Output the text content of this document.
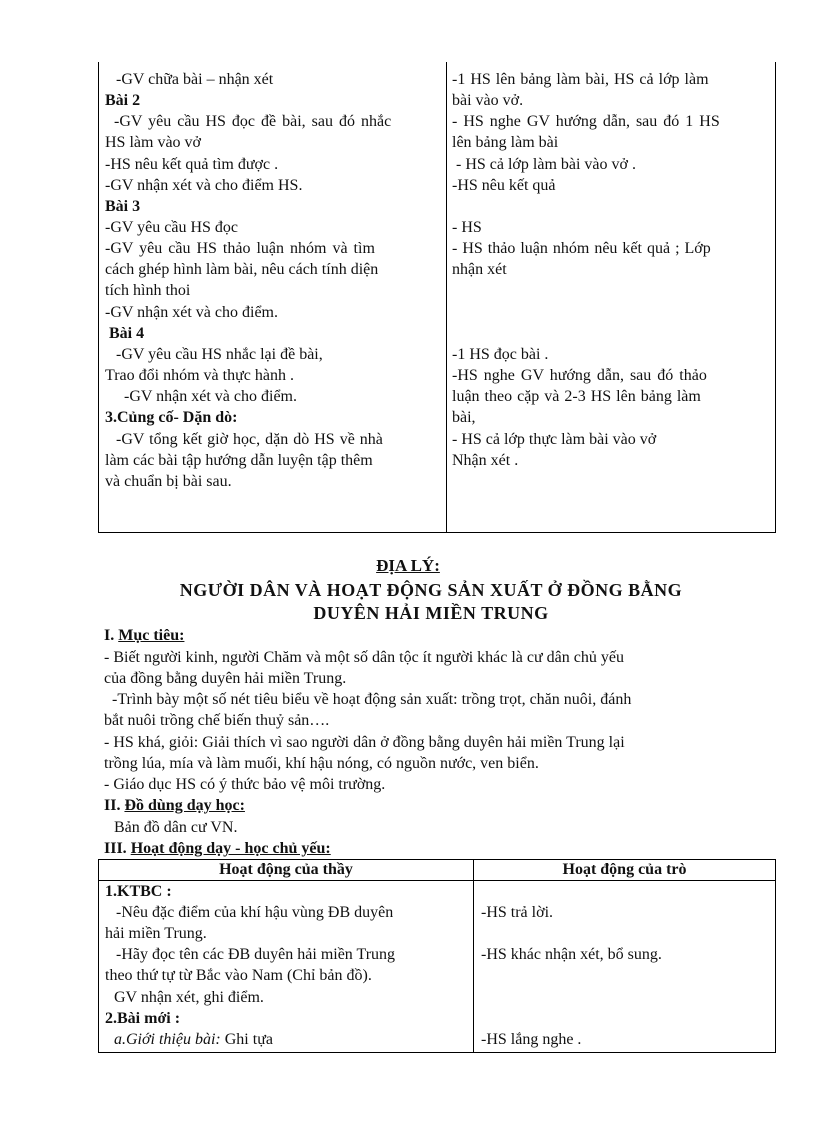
-GV chữa bài – nhận xét
Bài 2
-GV yêu cầu HS đọc đề bài, sau đó nhắc
HS làm vào vở
-HS nêu kết quả tìm được .
-GV nhận xét và cho điểm HS.
Bài 3
-GV yêu cầu HS đọc
-GV yêu cầu HS thảo luận nhóm và tìm
cách ghép hình làm bài, nêu cách tính diện
tích hình thoi
-GV nhận xét và cho điểm.
Bài 4
-GV yêu cầu HS nhắc lại đề bài,
Trao đổi nhóm và thực hành .
-GV nhận xét và cho điểm.
3.Củng cố- Dặn dò:
-GV tổng kết giờ học, dặn dò HS về nhà
làm các bài tập hướng dẫn luyện tập thêm
và chuẩn bị bài sau.
-1 HS lên bảng làm bài, HS cả lớp làm
bài vào vở.
- HS nghe GV hướng dẫn, sau đó 1 HS
lên bảng làm bài
- HS cả lớp làm bài vào vở .
-HS nêu kết quả
- HS
- HS thảo luận nhóm nêu kết quả ; Lớp
nhận xét
-1 HS đọc bài .
-HS nghe GV hướng dẫn, sau đó thảo
luận theo cặp và 2-3 HS lên bảng làm
bài,
- HS cả lớp thực làm bài vào vở
Nhận xét .
ĐỊA LÝ:
NGƯỜI DÂN VÀ HOẠT ĐỘNG SẢN XUẤT Ở ĐỒNG BẰNG
DUYÊN HẢI MIỀN TRUNG
I. Mục tiêu:
- Biết người kinh, người Chăm và một số dân tộc ít người khác là cư dân chủ yếu
của đồng bằng duyên hải miền Trung.
-Trình bày một số nét tiêu biểu về hoạt động sản xuất: trồng trọt, chăn nuôi, đánh
bắt nuôi trồng chế biến thuỷ sản….
- HS khá, giỏi: Giải thích vì sao người dân ở đồng bằng duyên hải miền Trung lại
trồng lúa, mía và làm muối, khí hậu nóng, có nguồn nước, ven biển.
- Giáo dục HS có ý thức bảo vệ môi trường.
II. Đồ dùng dạy học:
Bản đồ dân cư VN.
III. Hoạt động dạy - học chủ yếu:
Hoạt động của thầy	Hoạt động của trò
1.KTBC :
-Nêu đặc điểm của khí hậu vùng ĐB duyên
hải miền Trung.
-Hãy đọc tên các ĐB duyên hải miền Trung
theo thứ tự từ Bắc vào Nam (Chỉ bản đồ).
GV nhận xét, ghi điểm.
2.Bài mới :
a.Giới thiệu bài: Ghi tựa
-HS trả lời.
-HS khác nhận xét, bổ sung.
-HS lắng nghe .
